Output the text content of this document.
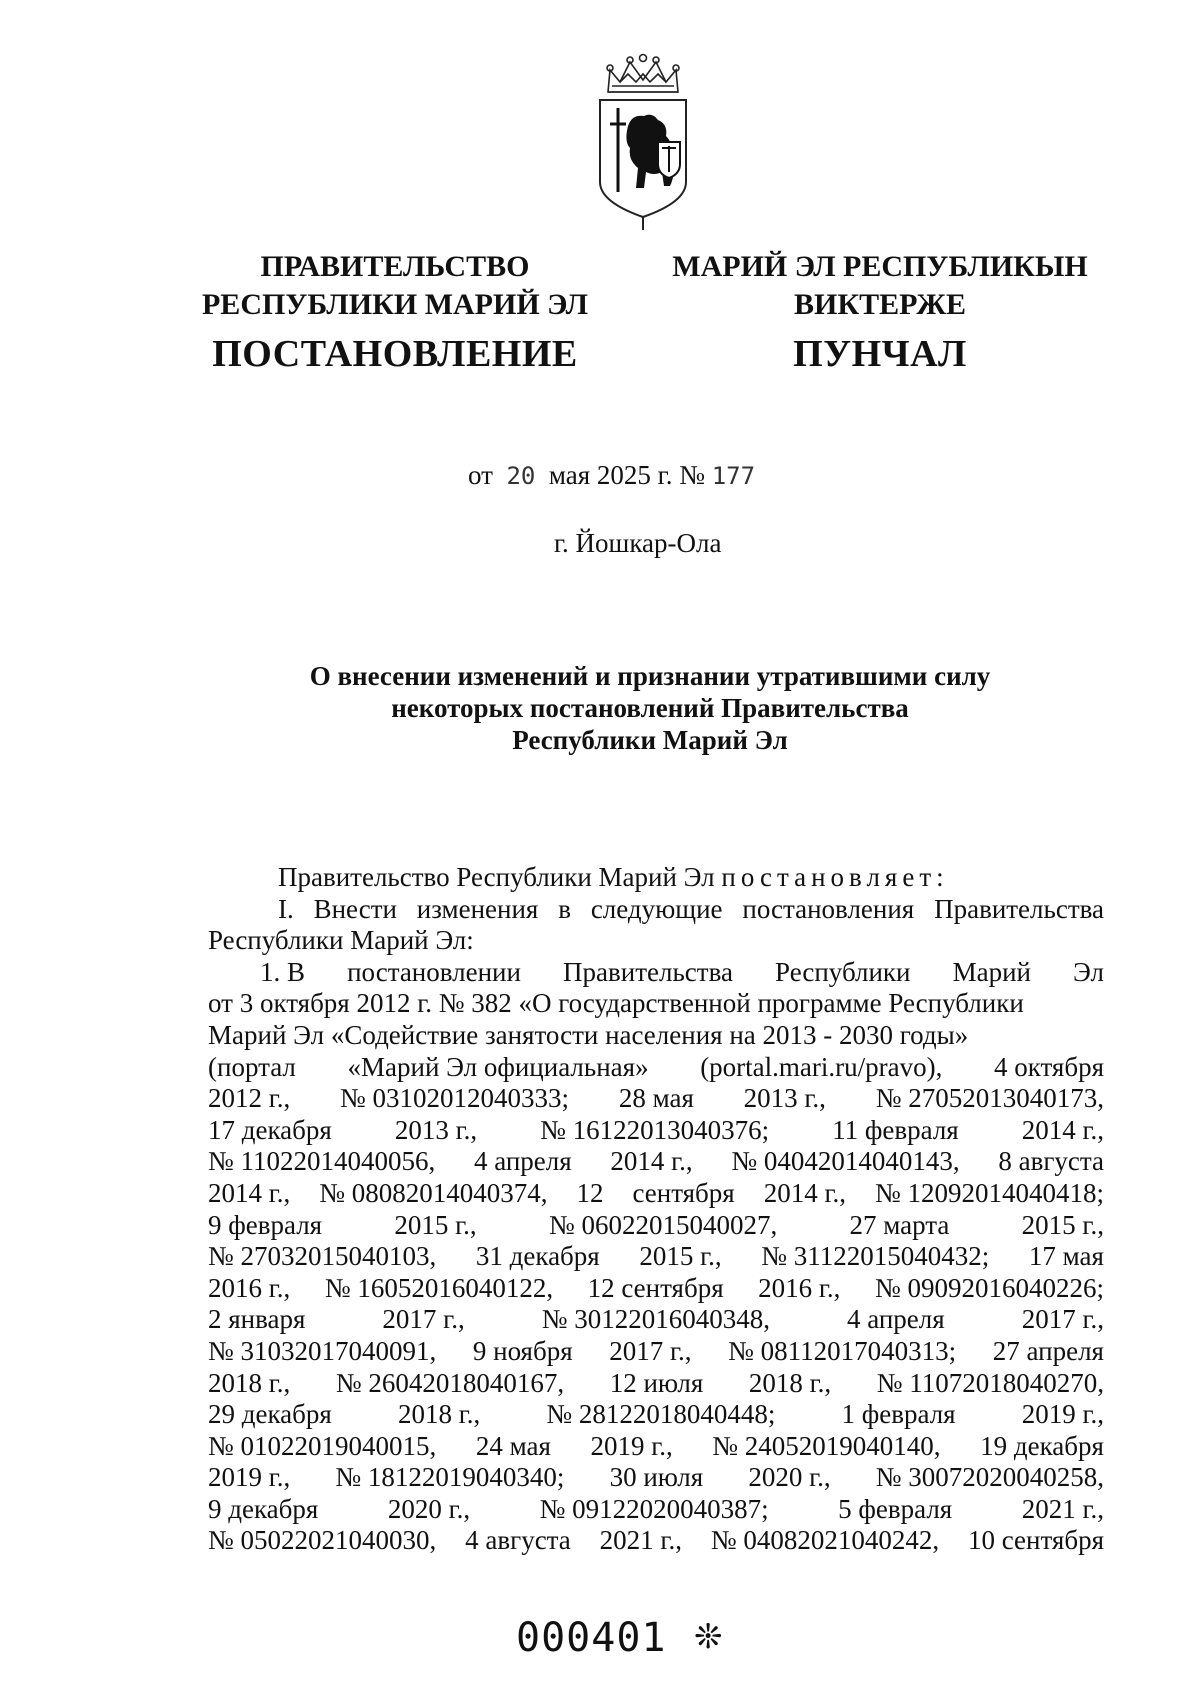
ПРАВИТЕЛЬСТВО
РЕСПУБЛИКИ МАРИЙ ЭЛ
ПОСТАНОВЛЕНИЕ
МАРИЙ ЭЛ РЕСПУБЛИКЫН
ВИКТЕРЖЕ
ПУНЧАЛ
от 20 мая 2025 г. № 177
г. Йошкар-Ола
О внесении изменений и признании утратившими силу
некоторых постановлений Правительства
Республики Марий Эл

Правительство Республики Марий Эл постановляет:

I. Внести изменения в следующие постановления Правительства Республики Марий Эл:

1. В постановлении Правительства Республики Марий Эл
от 3 октября 2012 г. № 382 «О государственной программе Республики
Марий Эл «Содействие занятости населения на 2013 - 2030 годы»
(портал «Марий Эл официальная» (portal.mari.ru/pravo), 4 октября
2012 г., № 03102012040333; 28 мая 2013 г., № 27052013040173,
17 декабря 2013 г., № 16122013040376; 11 февраля 2014 г.,
№ 11022014040056, 4 апреля 2014 г., № 04042014040143, 8 августа
2014 г., № 08082014040374, 12 сентября 2014 г., № 12092014040418;
9 февраля	2015 г.,	№ 06022015040027,	27 марта	2015 г.,
№ 27032015040103, 31 декабря 2015 г., № 31122015040432; 17 мая
2016 г., № 16052016040122, 12 сентября 2016 г., № 09092016040226;
2 января	2017 г.,	№ 30122016040348,	4 апреля	2017 г.,
№ 31032017040091, 9 ноября 2017 г., № 08112017040313; 27 апреля
2018 г., № 26042018040167, 12 июля 2018 г., № 11072018040270,
29 декабря 2018 г., № 28122018040448; 1 февраля 2019 г.,
№ 01022019040015, 24 мая 2019 г., № 24052019040140, 19 декабря
2019 г., № 18122019040340; 30 июля 2020 г., № 30072020040258,
9 декабря	2020 г.,	№ 09122020040387;	5 февраля	2021 г.,
№ 05022021040030, 4 августа 2021 г., № 04082021040242, 10 сентября
000401 ❊
